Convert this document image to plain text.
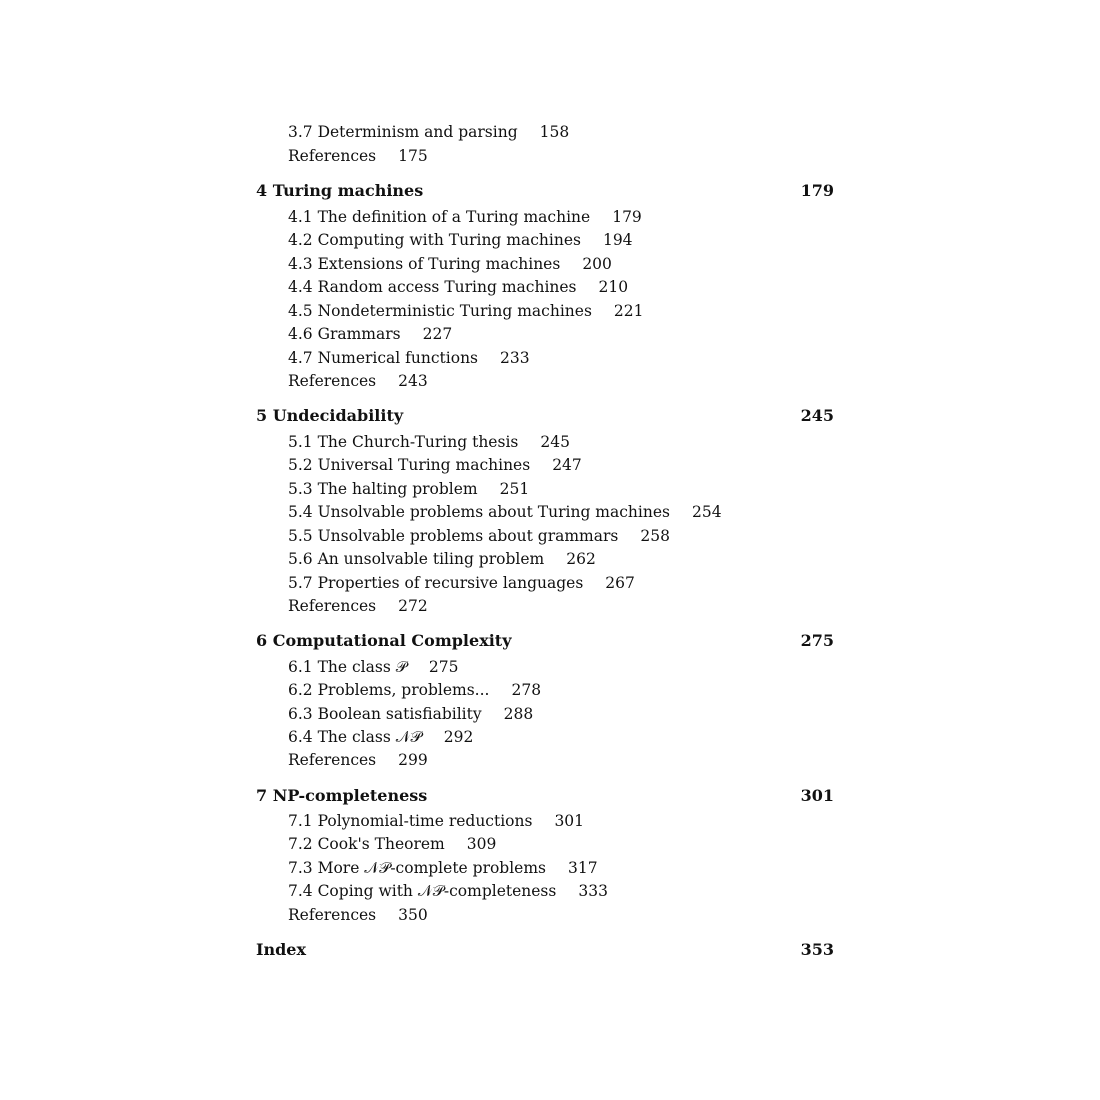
3.7 Determinism and parsing 158
References 175
4 Turing machines	179
4.1 The definition of a Turing machine 179
4.2 Computing with Turing machines 194
4.3 Extensions of Turing machines 200
4.4 Random access Turing machines 210
4.5 Nondeterministic Turing machines 221
4.6 Grammars 227
4.7 Numerical functions 233
References 243
5 Undecidability	245
5.1 The Church-Turing thesis 245
5.2 Universal Turing machines 247
5.3 The halting problem 251
5.4 Unsolvable problems about Turing machines 254
5.5 Unsolvable problems about grammars 258
5.6 An unsolvable tiling problem 262
5.7 Properties of recursive languages 267
References 272
6 Computational Complexity	275
6.1 The class 𝒫 275
6.2 Problems, problems... 278
6.3 Boolean satisfiability 288
6.4 The class 𝒩𝒫 292
References 299
7 NP-completeness	301
7.1 Polynomial-time reductions 301
7.2 Cook's Theorem 309
7.3 More 𝒩𝒫-complete problems 317
7.4 Coping with 𝒩𝒫-completeness 333
References 350
Index	353
